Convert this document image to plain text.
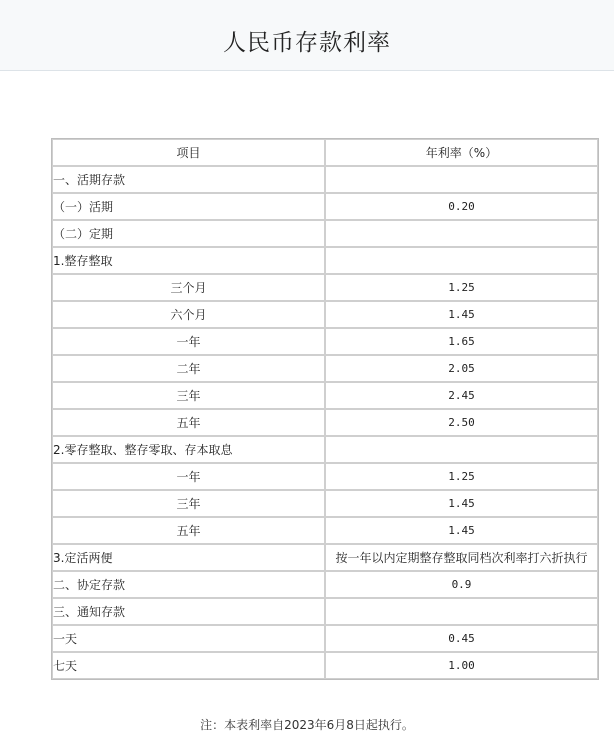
人民币存款利率
项目	年利率（%）
一、活期存款	
（一）活期	0.20
（二）定期	
1.整存整取	
三个月	1.25
六个月	1.45
一年	1.65
二年	2.05
三年	2.45
五年	2.50
2.零存整取、整存零取、存本取息	
一年	1.25
三年	1.45
五年	1.45
3.定活两便	按一年以内定期整存整取同档次利率打六折执行
二、协定存款	0.9
三、通知存款	
一天	0.45
七天	1.00
注：本表利率自2023年6月8日起执行。
